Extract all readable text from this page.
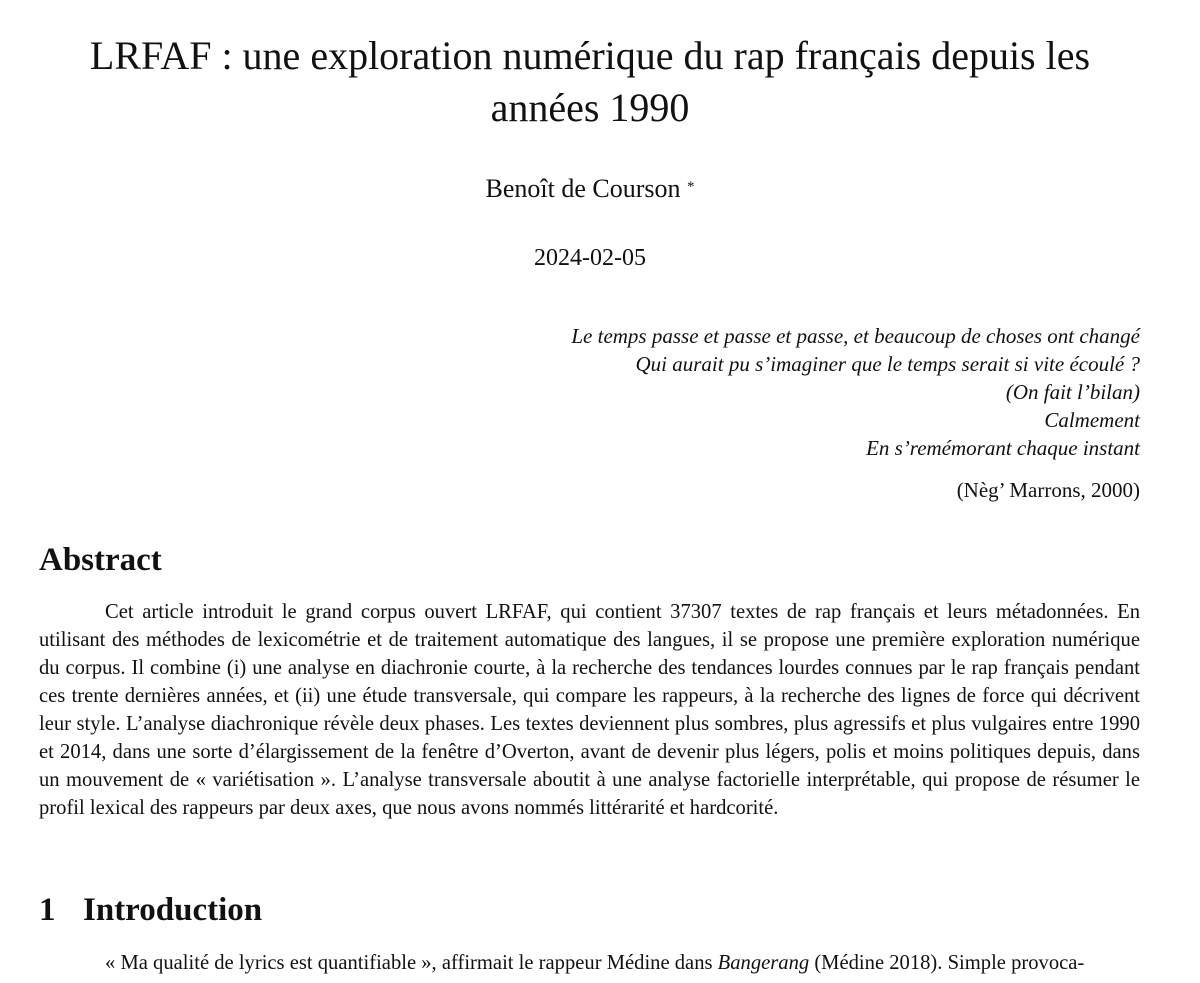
LRFAF : une exploration numérique du rap français depuis les années 1990
Benoît de Courson *
2024-02-05
Le temps passe et passe et passe, et beaucoup de choses ont changé
Qui aurait pu s’imaginer que le temps serait si vite écoulé ?
(On fait l’bilan)
Calmement
En s’remémorant chaque instant
(Nèg’ Marrons, 2000)
Abstract

Cet article introduit le grand corpus ouvert LRFAF, qui contient 37307 textes de rap français et leurs métadonnées. En utilisant des méthodes de lexicométrie et de traitement automatique des langues, il se propose une première exploration numérique du corpus. Il combine (i) une analyse en diachronie courte, à la recherche des tendances lourdes connues par le rap français pendant ces trente dernières années, et (ii) une étude transversale, qui compare les rappeurs, à la recherche des lignes de force qui décrivent leur style. L’analyse diachronique révèle deux phases. Les textes deviennent plus sombres, plus agressifs et plus vulgaires entre 1990 et 2014, dans une sorte d’élargissement de la fenêtre d’Overton, avant de devenir plus légers, polis et moins politiques depuis, dans un mouvement de « variétisation ». L’analyse transversale aboutit à une analyse factorielle interprétable, qui propose de résumer le profil lexical des rappeurs par deux axes, que nous avons nommés littérarité et hardcorité.

1 Introduction

« Ma qualité de lyrics est quantifiable », affirmait le rappeur Médine dans Bangerang (Médine 2018). Simple provoca-
